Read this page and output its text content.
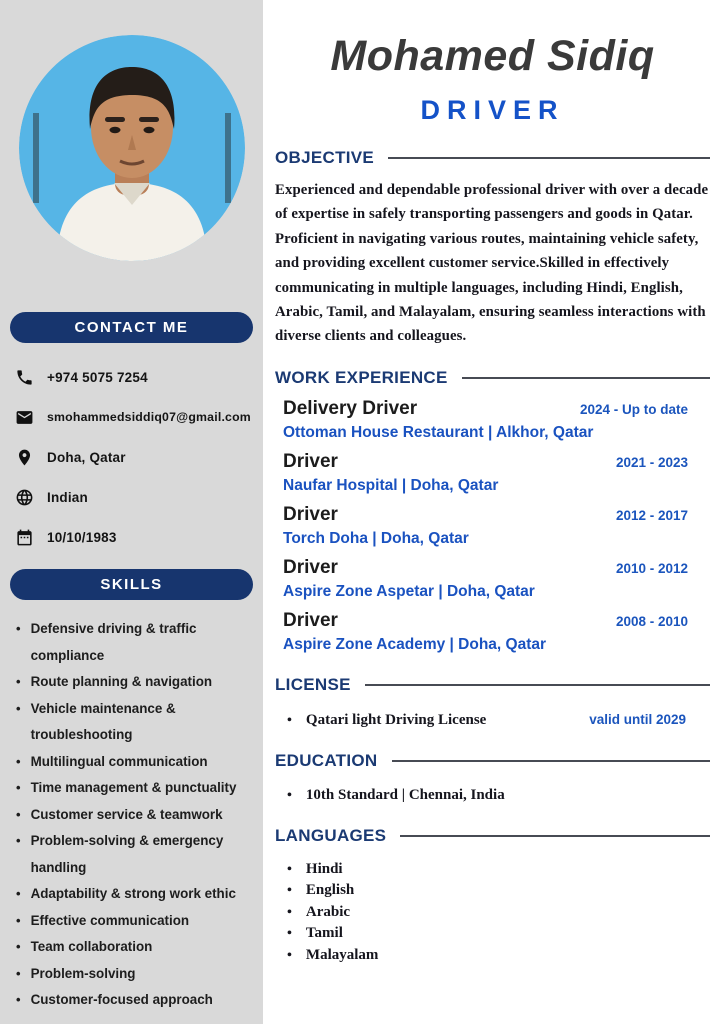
CONTACT ME
+974 5075 7254
smohammedsiddiq07@gmail.com
Doha, Qatar
Indian
10/10/1983
SKILLS
• Defensive driving & traffic compliance
• Route planning & navigation
• Vehicle maintenance & troubleshooting
• Multilingual communication
• Time management & punctuality
• Customer service & teamwork
• Problem-solving & emergency handling
• Adaptability & strong work ethic
• Effective communication
• Team collaboration
• Problem-solving
• Customer-focused approach
Mohamed Sidiq
DRIVER
OBJECTIVE

Experienced and dependable professional driver with over a decade of expertise in safely transporting passengers and goods in Qatar. Proficient in navigating various routes, maintaining vehicle safety, and providing excellent customer service.Skilled in effectively communicating in multiple languages, including Hindi, English, Arabic, Tamil, and Malayalam, ensuring seamless interactions with diverse clients and colleagues.

WORK EXPERIENCE
Delivery Driver	2024 - Up to date
Ottoman House Restaurant | Alkhor, Qatar
Driver	2021 - 2023
Naufar Hospital | Doha, Qatar
Driver	2012 - 2017
Torch Doha | Doha, Qatar
Driver	2010 - 2012
Aspire Zone Aspetar | Doha, Qatar
Driver	2008 - 2010
Aspire Zone Academy | Doha, Qatar
LICENSE
• Qatari light Driving License	valid until 2029
EDUCATION
• 10th Standard | Chennai, India
LANGUAGES
• Hindi
• English
• Arabic
• Tamil
• Malayalam
